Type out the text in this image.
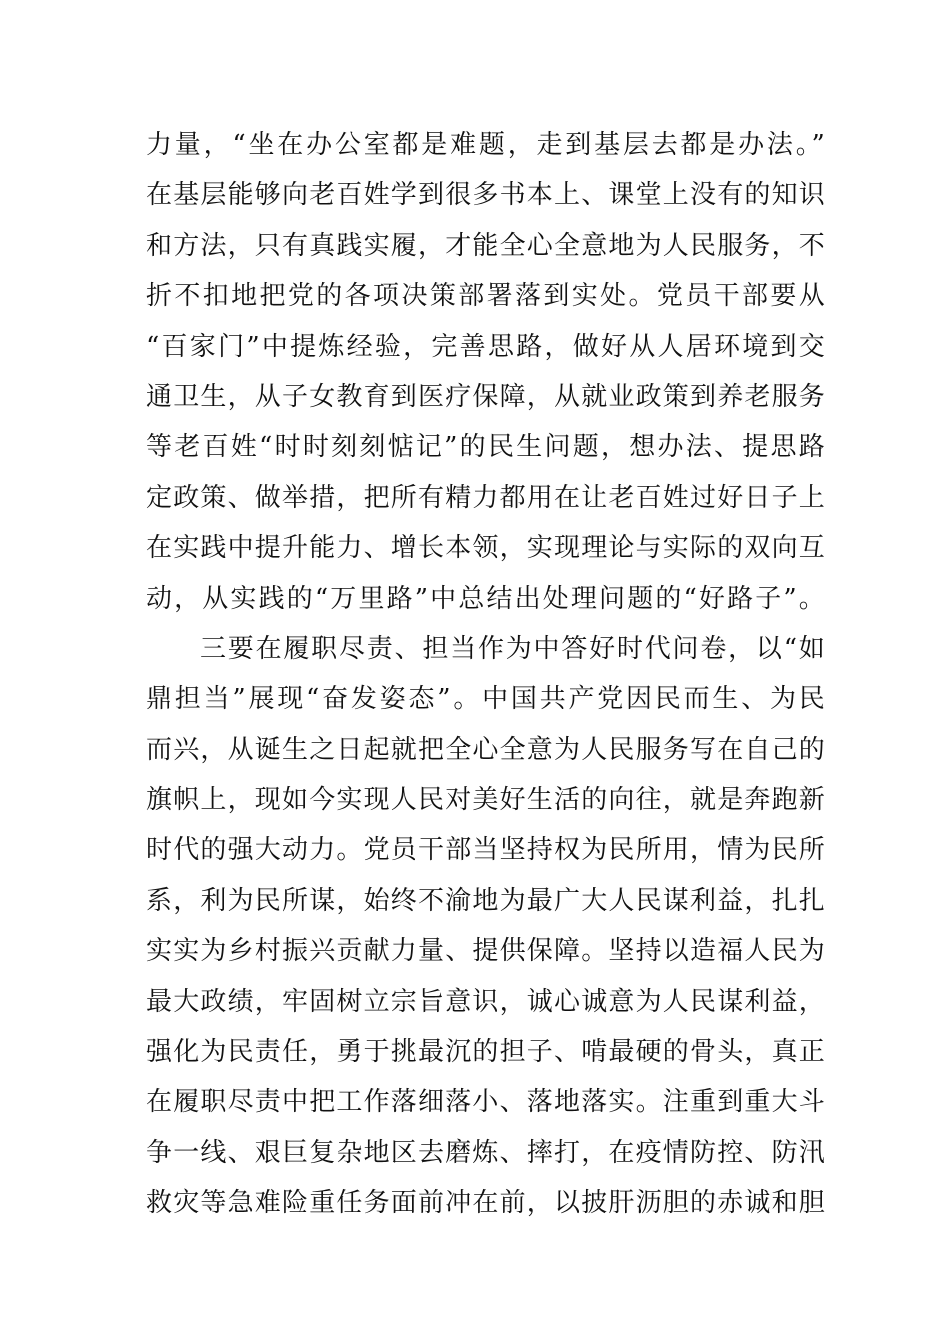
力量，“坐在办公室都是难题，走到基层去都是办法。”
在基层能够向老百姓学到很多书本上、课堂上没有的知识
和方法，只有真践实履，才能全心全意地为人民服务，不
折不扣地把党的各项决策部署落到实处。党员干部要从
“百家门”中提炼经验，完善思路，做好从人居环境到交
通卫生，从子女教育到医疗保障，从就业政策到养老服务
等老百姓“时时刻刻惦记”的民生问题，想办法、提思路
定政策、做举措，把所有精力都用在让老百姓过好日子上
在实践中提升能力、增长本领，实现理论与实际的双向互
动，从实践的“万里路”中总结出处理问题的“好路子”。
三要在履职尽责、担当作为中答好时代问卷，以“如
鼎担当”展现“奋发姿态”。中国共产党因民而生、为民
而兴，从诞生之日起就把全心全意为人民服务写在自己的
旗帜上，现如今实现人民对美好生活的向往，就是奔跑新
时代的强大动力。党员干部当坚持权为民所用，情为民所
系，利为民所谋，始终不渝地为最广大人民谋利益，扎扎
实实为乡村振兴贡献力量、提供保障。坚持以造福人民为
最大政绩，牢固树立宗旨意识，诚心诚意为人民谋利益，
强化为民责任，勇于挑最沉的担子、啃最硬的骨头，真正
在履职尽责中把工作落细落小、落地落实。注重到重大斗
争一线、艰巨复杂地区去磨炼、摔打，在疫情防控、防汛
救灾等急难险重任务面前冲在前，以披肝沥胆的赤诚和胆
